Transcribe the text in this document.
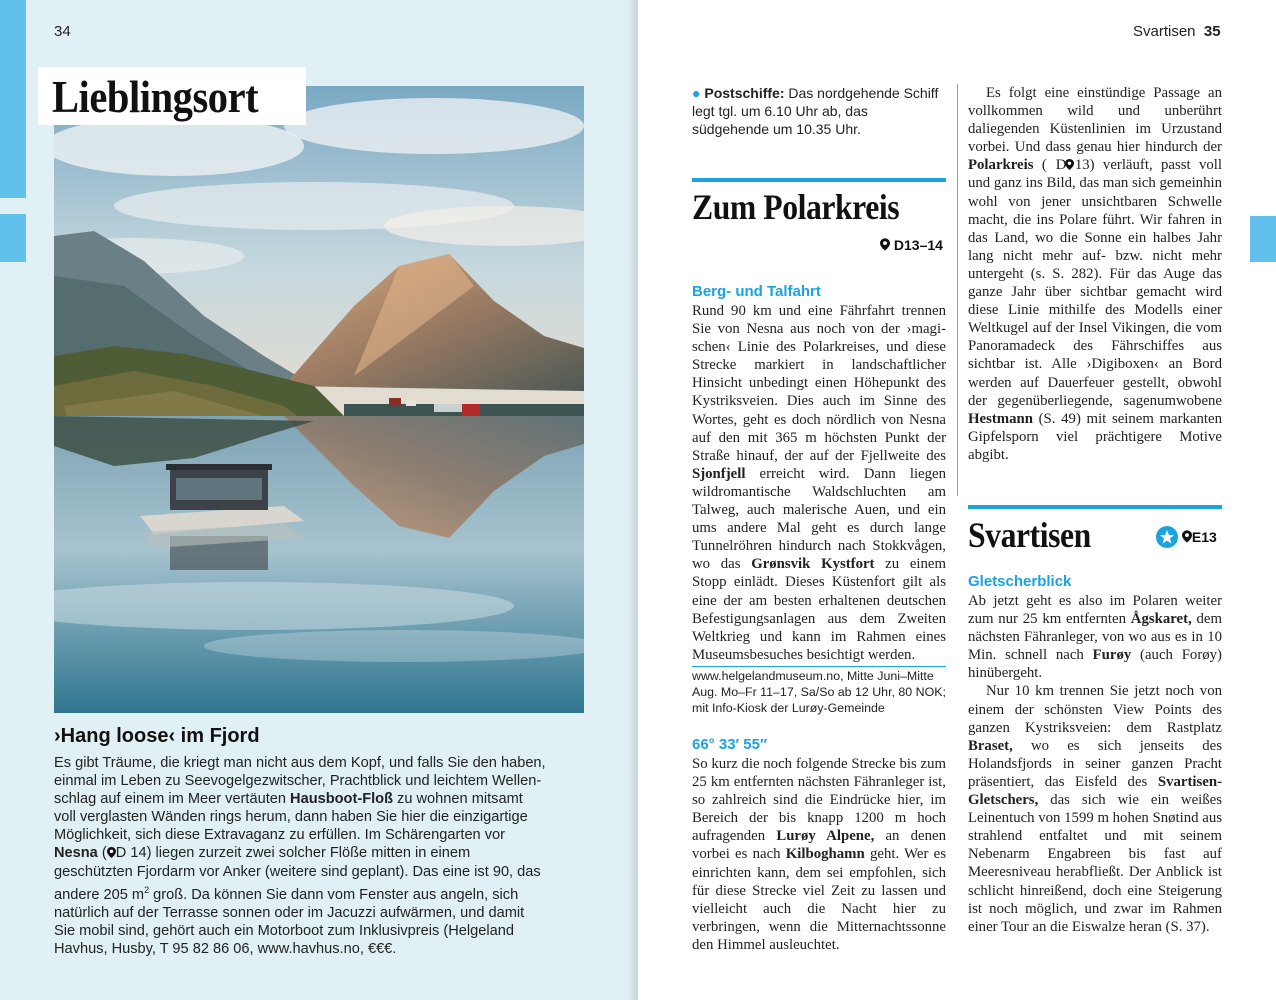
34
Lieblingsort
›Hang loose‹ im Fjord
Es gibt Träume, die kriegt man nicht aus dem Kopf, und falls Sie den haben, einmal im Leben zu Seevogelgezwitscher, Prachtblick und leichtem Wellenschlag auf einem im Meer vertäuten Hausboot-Floß zu wohnen mitsamt voll verglasten Wänden rings herum, dann haben Sie hier die einzigartige Möglichkeit, sich diese Extravaganz zu erfüllen. Im Schärengarten vor Nesna ( D 14) liegen zurzeit zwei solcher Flöße mitten in einem geschützten Fjordarm vor Anker (weitere sind geplant). Das eine ist 90, das andere 205 $m^2$ groß. Da können Sie dann vom Fenster aus angeln, sich natürlich auf der Terrasse sonnen oder im Jacuzzi aufwärmen, und damit Sie mobil sind, gehört auch ein Motorboot zum Inklusivpreis (Helgeland Havhus, Husby, T 95 82 86 06, www.havhus.no, €€€.
Svartisen 35
● Postschiffe: Das nordgehende Schiff legt tgl. um 6.10 Uhr ab, das südgehende um 10.35 Uhr.
Zum Polarkreis
D13–14
Berg- und Talfahrt
Rund 90 km und eine Fährfahrt trennen Sie von Nesna aus noch von der ›magischen‹ Linie des Polarkreises, und diese Strecke markiert in landschaftlicher Hinsicht unbedingt einen Höhepunkt des Kystriksveien. Dies auch im Sinne des Wortes, geht es doch nördlich von Nesna auf den mit 365 m höchsten Punkt der Straße hinauf, der auf der Fjellweite des Sjonfjell erreicht wird. Dann liegen wildromantische Waldschluchten am Talweg, auch malerische Auen, und ein ums andere Mal geht es durch lange Tunnelröhren hindurch nach Stokkvågen, wo das Grønsvik Kystfort zu einem Stopp einlädt. Dieses Küstenfort gilt als eine der am besten erhaltenen deutschen Befestigungsanlagen aus dem Zweiten Weltkrieg und kann im Rahmen eines Museumsbesuches besichtigt werden.
www.helgelandmuseum.no, Mitte Juni–Mitte Aug. Mo–Fr 11–17, Sa/So ab 12 Uhr, 80 NOK; mit Info-Kiosk der Lurøy-Gemeinde
66° 33′ 55″
So kurz die noch folgende Strecke bis zum 25 km entfernten nächsten Fähranleger ist, so zahlreich sind die Eindrücke hier, im Bereich der bis knapp 1200 m hoch aufragenden Lurøy Alpene, an denen vorbei es nach Kilboghamn geht. Wer es einrichten kann, dem sei empfohlen, sich für diese Strecke viel Zeit zu lassen und vielleicht auch die Nacht hier zu verbringen, wenn die Mitternachtssonne den Himmel ausleuchtet.
Es folgt eine einstündige Passage an vollkommen wild und unberührt daliegenden Küstenlinien im Urzustand vorbei. Und dass genau hier hindurch der Polarkreis ( D 13) verläuft, passt voll und ganz ins Bild, das man sich gemeinhin wohl von jener unsichtbaren Schwelle macht, die ins Polare führt. Wir fahren in das Land, wo die Sonne ein halbes Jahr lang nicht mehr auf- bzw. nicht mehr untergeht (s. S. 282). Für das Auge das ganze Jahr über sichtbar gemacht wird diese Linie mithilfe des Modells einer Weltkugel auf der Insel Vikingen, die vom Panoramadeck des Fährschiffes aus sichtbar ist. Alle ›Digiboxen‹ an Bord werden auf Dauerfeuer gestellt, obwohl der gegenüberliegende, sagenumwobene Hestmann (S. 49) mit seinem markanten Gipfelsporn viel prächtigere Motive abgibt.
Svartisen	E13
Gletscherblick

Ab jetzt geht es also im Polaren weiter zum nur 25 km entfernten Ågskaret, dem nächsten Fähranleger, von wo aus es in 10 Min. schnell nach Furøy (auch Forøy) hinübergeht.

Nur 10 km trennen Sie jetzt noch von einem der schönsten View Points des ganzen Kystriksveien: dem Rastplatz Braset, wo es sich jenseits des Holandsfjords in seiner ganzen Pracht präsentiert, das Eisfeld des Svartisen-Gletschers, das sich wie ein weißes Leinentuch von 1599 m hohen Snøtind aus strahlend entfaltet und mit seinem Nebenarm Engabreen bis fast auf Meeresniveau herabfließt. Der Anblick ist schlicht hinreißend, doch eine Steigerung ist noch möglich, und zwar im Rahmen einer Tour an die Eiswalze heran (S. 37).
